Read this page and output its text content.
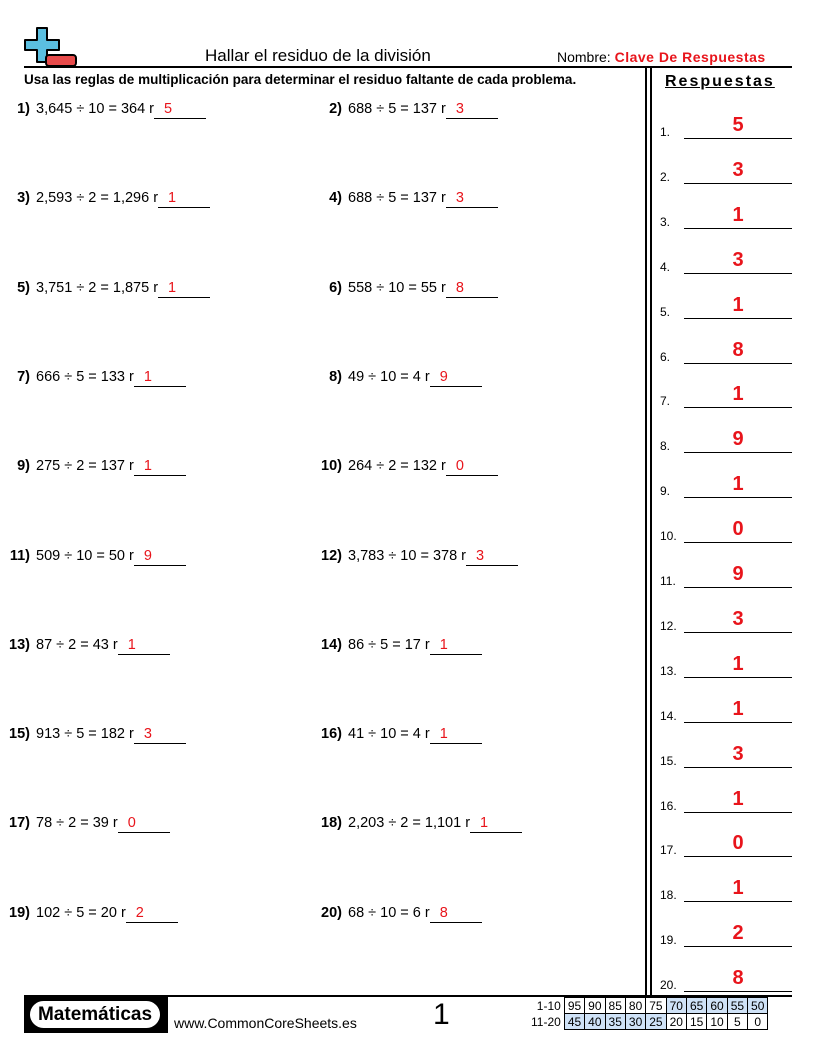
Hallar el residuo de la división	Nombre: Clave De Respuestas
Usa las reglas de multiplicación para determinar el residuo faltante de cada problema.	Respuestas
1) 3,645 ÷ 10 = 364 r 5	2) 688 ÷ 5 = 137 r 3
3) 2,593 ÷ 2 = 1,296 r 1	4) 688 ÷ 5 = 137 r 3
5) 3,751 ÷ 2 = 1,875 r 1	6) 558 ÷ 10 = 55 r 8
7) 666 ÷ 5 = 133 r 1	8) 49 ÷ 10 = 4 r 9
9) 275 ÷ 2 = 137 r 1	10) 264 ÷ 2 = 132 r 0
11) 509 ÷ 10 = 50 r 9	12) 3,783 ÷ 10 = 378 r 3
13) 87 ÷ 2 = 43 r 1	14) 86 ÷ 5 = 17 r 1
15) 913 ÷ 5 = 182 r 3	16) 41 ÷ 10 = 4 r 1
17) 78 ÷ 2 = 39 r 0	18) 2,203 ÷ 2 = 1,101 r 1
19) 102 ÷ 5 = 20 r 2	20) 68 ÷ 10 = 6 r 8
1.	5
2.	3
3.	1
4.	3
5.	1
6.	8
7.	1
8.	9
9.	1
10.	0
11.	9
12.	3
13.	1
14.	1
15.	3
16.	1
17.	0
18.	1
19.	2
20.	8
Matemáticas	www.CommonCoreSheets.es	1	1-10	95	90	85	80	75	70	65	60	55	50
11-20	45	40	35	30	25	20	15	10	5	0
